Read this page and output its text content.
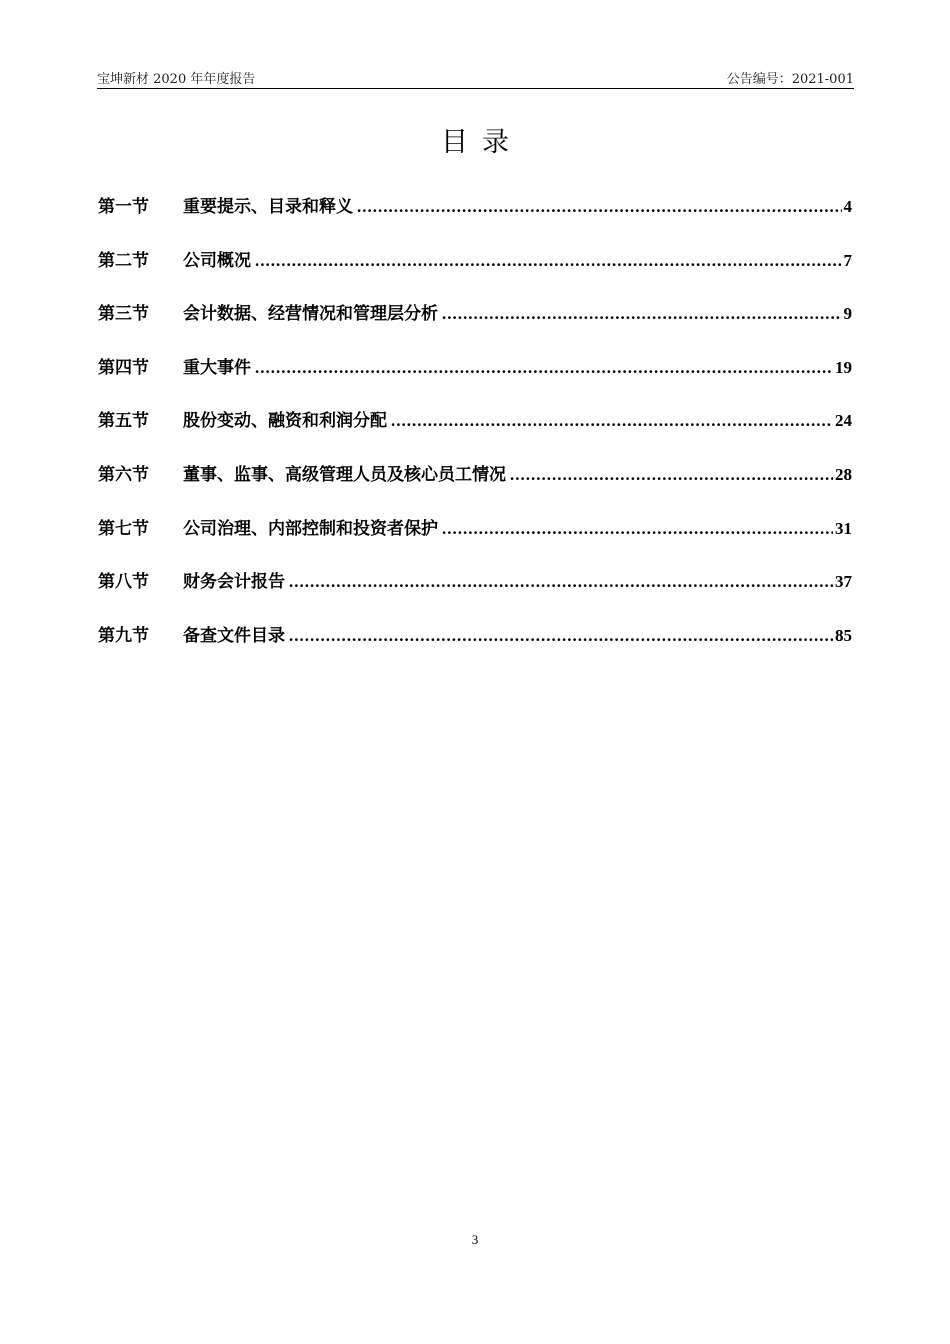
宝坤新材 2020 年年度报告	公告编号：2021-001
目录
第一节	重要提示、目录和释义 .....	4
第二节	公司概况 .....	7
第三节	会计数据、经营情况和管理层分析 .....	9
第四节	重大事件 .....	19
第五节	股份变动、融资和利润分配 .....	24
第六节	董事、监事、高级管理人员及核心员工情况 .....	28
第七节	公司治理、内部控制和投资者保护 .....	31
第八节	财务会计报告 .....	37
第九节	备查文件目录 .....	85
3
